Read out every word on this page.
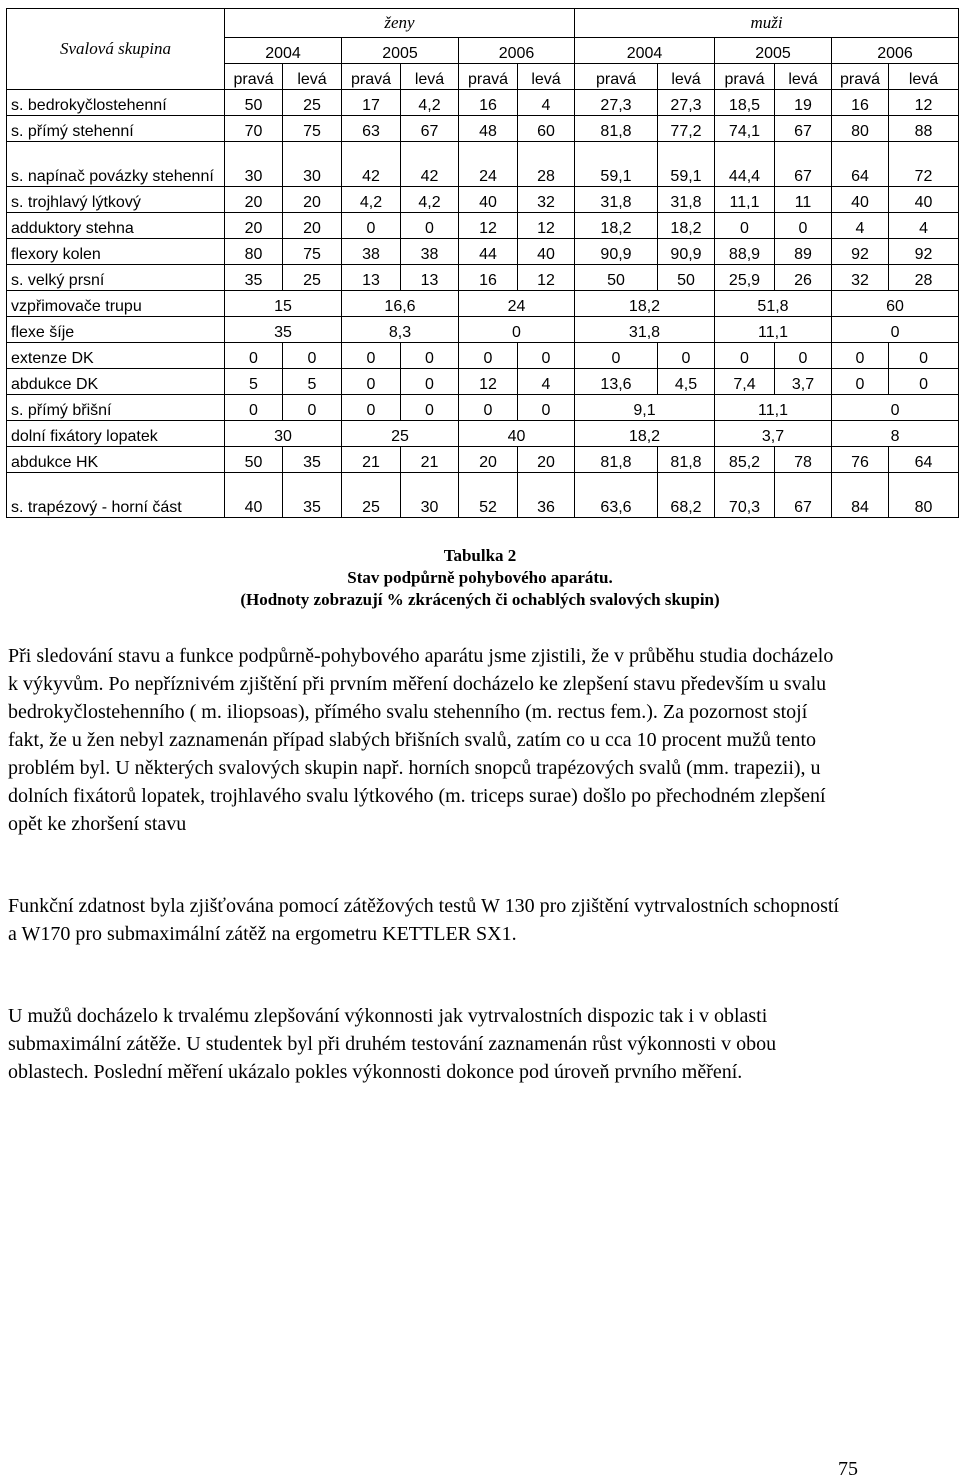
Svalová skupina	ženy						muži					
	2004		2005		2006		2004		2005		2006	
	pravá	levá	pravá	levá	pravá	levá	pravá	levá	pravá	levá	pravá	levá
s. bedrokyčlostehenní	50	25	17	4,2	16	4	27,3	27,3	18,5	19	16	12
s. přímý stehenní	70	75	63	67	48	60	81,8	77,2	74,1	67	80	88
s. napínač povázky stehenní	30	30	42	42	24	28	59,1	59,1	44,4	67	64	72
s. trojhlavý lýtkový	20	20	4,2	4,2	40	32	31,8	31,8	11,1	11	40	40
adduktory stehna	20	20	0	0	12	12	18,2	18,2	0	0	4	4
flexory kolen	80	75	38	38	44	40	90,9	90,9	88,9	89	92	92
s. velký prsní	35	25	13	13	16	12	50	50	25,9	26	32	28
vzpřimovače trupu	15		16,6		24		18,2		51,8		60	
flexe šíje	35		8,3		0		31,8		11,1		0	
extenze DK	0	0	0	0	0	0	0	0	0	0	0	0
abdukce DK	5	5	0	0	12	4	13,6	4,5	7,4	3,7	0	0
s. přímý břišní	0	0	0	0	0	0	9,1		11,1		0	
dolní fixátory lopatek	30		25		40		18,2		3,7		8	
abdukce HK	50	35	21	21	20	20	81,8	81,8	85,2	78	76	64
s. trapézový - horní část	40	35	25	30	52	36	63,6	68,2	70,3	67	84	80
Tabulka 2
Stav podpůrně pohybového aparátu.
(Hodnoty zobrazují % zkrácených či ochablých svalových skupin)

Při sledování stavu a funkce podpůrně-pohybového aparátu jsme zjistili, že v průběhu studia docházelo k výkyvům. Po nepříznivém zjištění při prvním měření docházelo ke zlepšení stavu především u svalu bedrokyčlostehenního ( m. iliopsoas), přímého svalu stehenního (m. rectus fem.). Za pozornost stojí fakt, že u žen nebyl zaznamenán případ slabých břišních svalů, zatím co u cca 10 procent mužů tento problém byl. U některých svalových skupin např. horních snopců trapézových svalů (mm. trapezii), u dolních fixátorů lopatek, trojhlavého svalu lýtkového (m. triceps surae) došlo po přechodném zlepšení opět ke zhoršení stavu

Funkční zdatnost byla zjišťována pomocí zátěžových testů W 130 pro zjištění vytrvalostních schopností a W170 pro submaximální zátěž na ergometru KETTLER SX1.

U mužů docházelo k trvalému zlepšování výkonnosti jak vytrvalostních dispozic tak i v oblasti submaximální zátěže. U studentek byl při druhém testování zaznamenán růst výkonnosti v obou oblastech. Poslední měření ukázalo pokles výkonnosti dokonce pod úroveň prvního měření.

75
